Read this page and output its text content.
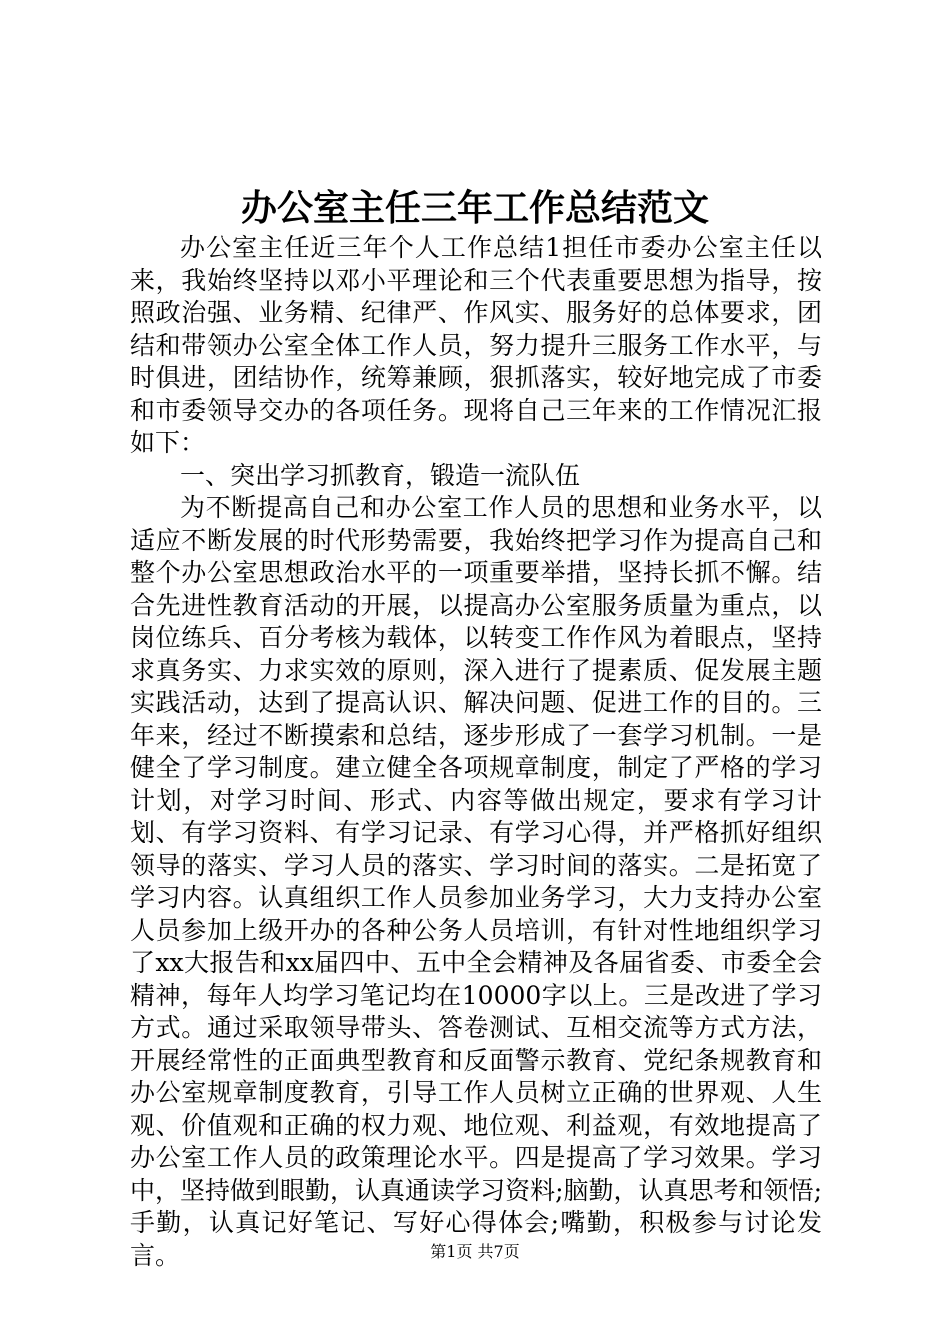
办公室主任三年工作总结范文

办公室主任近三年个人工作总结1担任市委办公室主任以来，我始终坚持以邓小平理论和三个代表重要思想为指导，按照政治强、业务精、纪律严、作风实、服务好的总体要求，团结和带领办公室全体工作人员，努力提升三服务工作水平，与时俱进，团结协作，统筹兼顾，狠抓落实，较好地完成了市委和市委领导交办的各项任务。现将自己三年来的工作情况汇报如下：

一、突出学习抓教育，锻造一流队伍

为不断提高自己和办公室工作人员的思想和业务水平，以适应不断发展的时代形势需要，我始终把学习作为提高自己和整个办公室思想政治水平的一项重要举措，坚持长抓不懈。结合先进性教育活动的开展，以提高办公室服务质量为重点，以岗位练兵、百分考核为载体，以转变工作作风为着眼点，坚持求真务实、力求实效的原则，深入进行了提素质、促发展主题实践活动，达到了提高认识、解决问题、促进工作的目的。三年来，经过不断摸索和总结，逐步形成了一套学习机制。一是健全了学习制度。建立健全各项规章制度，制定了严格的学习计划，对学习时间、形式、内容等做出规定，要求有学习计划、有学习资料、有学习记录、有学习心得，并严格抓好组织领导的落实、学习人员的落实、学习时间的落实。二是拓宽了学习内容。认真组织工作人员参加业务学习，大力支持办公室人员参加上级开办的各种公务人员培训，有针对性地组织学习了xx大报告和xx届四中、五中全会精神及各届省委、市委全会精神，每年人均学习笔记均在10000字以上。三是改进了学习方式。通过采取领导带头、答卷测试、互相交流等方式方法，开展经常性的正面典型教育和反面警示教育、党纪条规教育和办公室规章制度教育，引导工作人员树立正确的世界观、人生观、价值观和正确的权力观、地位观、利益观，有效地提高了办公室工作人员的政策理论水平。四是提高了学习效果。学习中，坚持做到眼勤，认真通读学习资料;脑勤，认真思考和领悟;手勤，认真记好笔记、写好心得体会;嘴勤，积极参与讨论发言。	第1页 共7页
